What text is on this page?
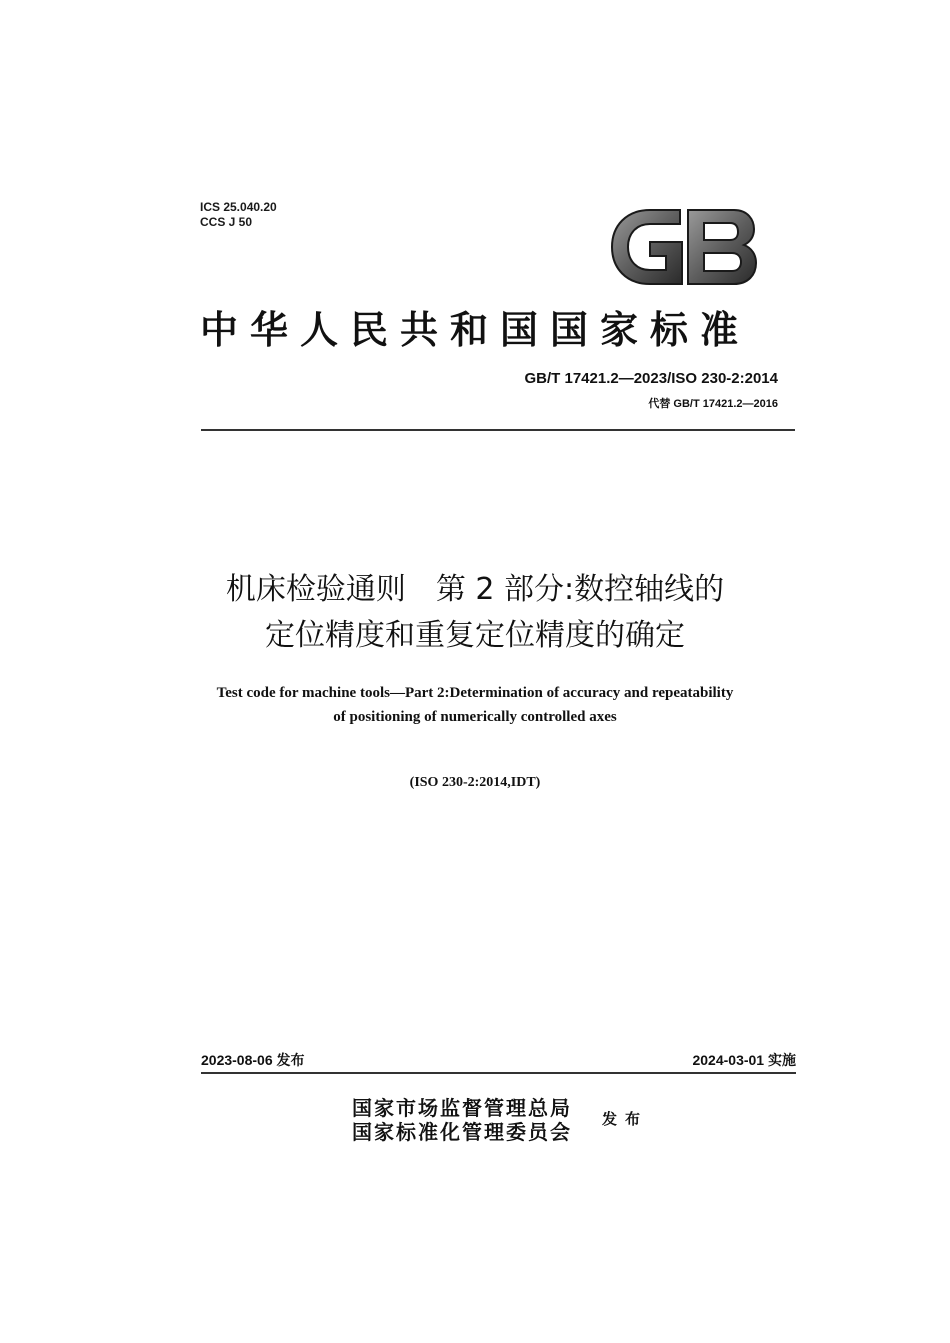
ICS 25.040.20
CCS J 50
中华人民共和国国家标准
GB/T 17421.2—2023/ISO 230-2:2014
代替 GB/T 17421.2—2016
机床检验通则　第 2 部分:数控轴线的
定位精度和重复定位精度的确定
Test code for machine tools—Part 2:Determination of accuracy and repeatability
of positioning of numerically controlled axes
(ISO 230-2:2014,IDT)
2023-08-06 发布	2024-03-01 实施
国家市场监督管理总局
国家标准化管理委员会
发布
